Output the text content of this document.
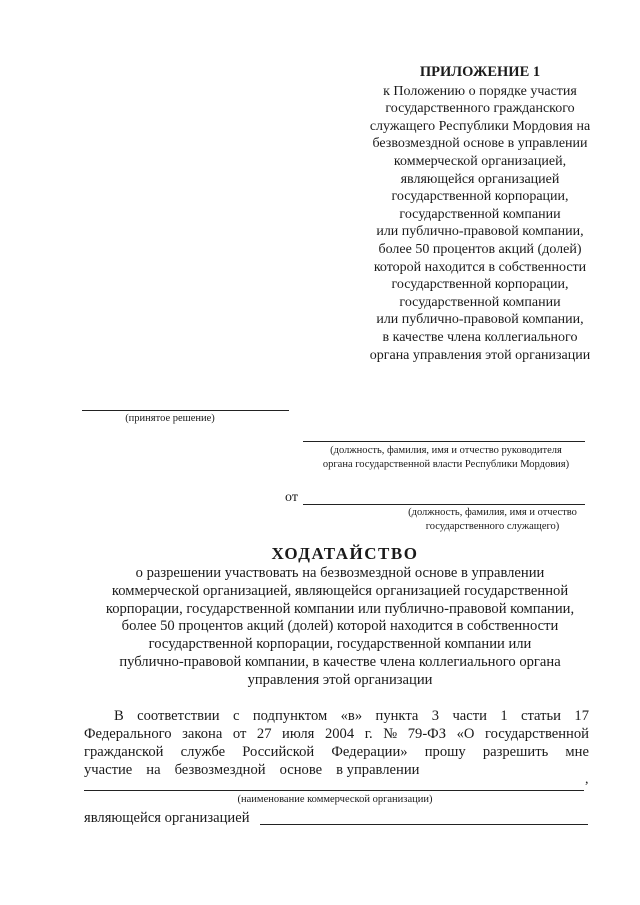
ПРИЛОЖЕНИЕ 1
к Положению о порядке участия
государственного гражданского
служащего Республики Мордовия на
безвозмездной основе в управлении
коммерческой организацией,
являющейся организацией
государственной корпорации,
государственной компании
или публично-правовой компании,
более 50 процентов акций (долей)
которой находится в собственности
государственной корпорации,
государственной компании
или публично-правовой компании,
в качестве члена коллегиального
органа управления этой организации
(принятое решение)
(должность, фамилия, имя и отчество руководителя
органа государственной власти Республики Мордовия)
от
(должность, фамилия, имя и отчество
государственного служащего)
ХОДАТАЙСТВО
о разрешении участвовать на безвозмездной основе в управлении
коммерческой организацией, являющейся организацией государственной
корпорации, государственной компании или публично-правовой компании,
более 50 процентов акций (долей) которой находится в собственности
государственной корпорации, государственной компании или
публично-правовой компании, в качестве члена коллегиального органа
управления этой организации
В соответствии с подпунктом «в» пункта 3 части 1 статьи 17
Федерального закона от 27 июля 2004 г. № 79-ФЗ «О государственной
гражданской службе Российской Федерации» прошу разрешить мне
участие на безвозмездной основе в управлении
,
(наименование коммерческой организации)
являющейся организацией
